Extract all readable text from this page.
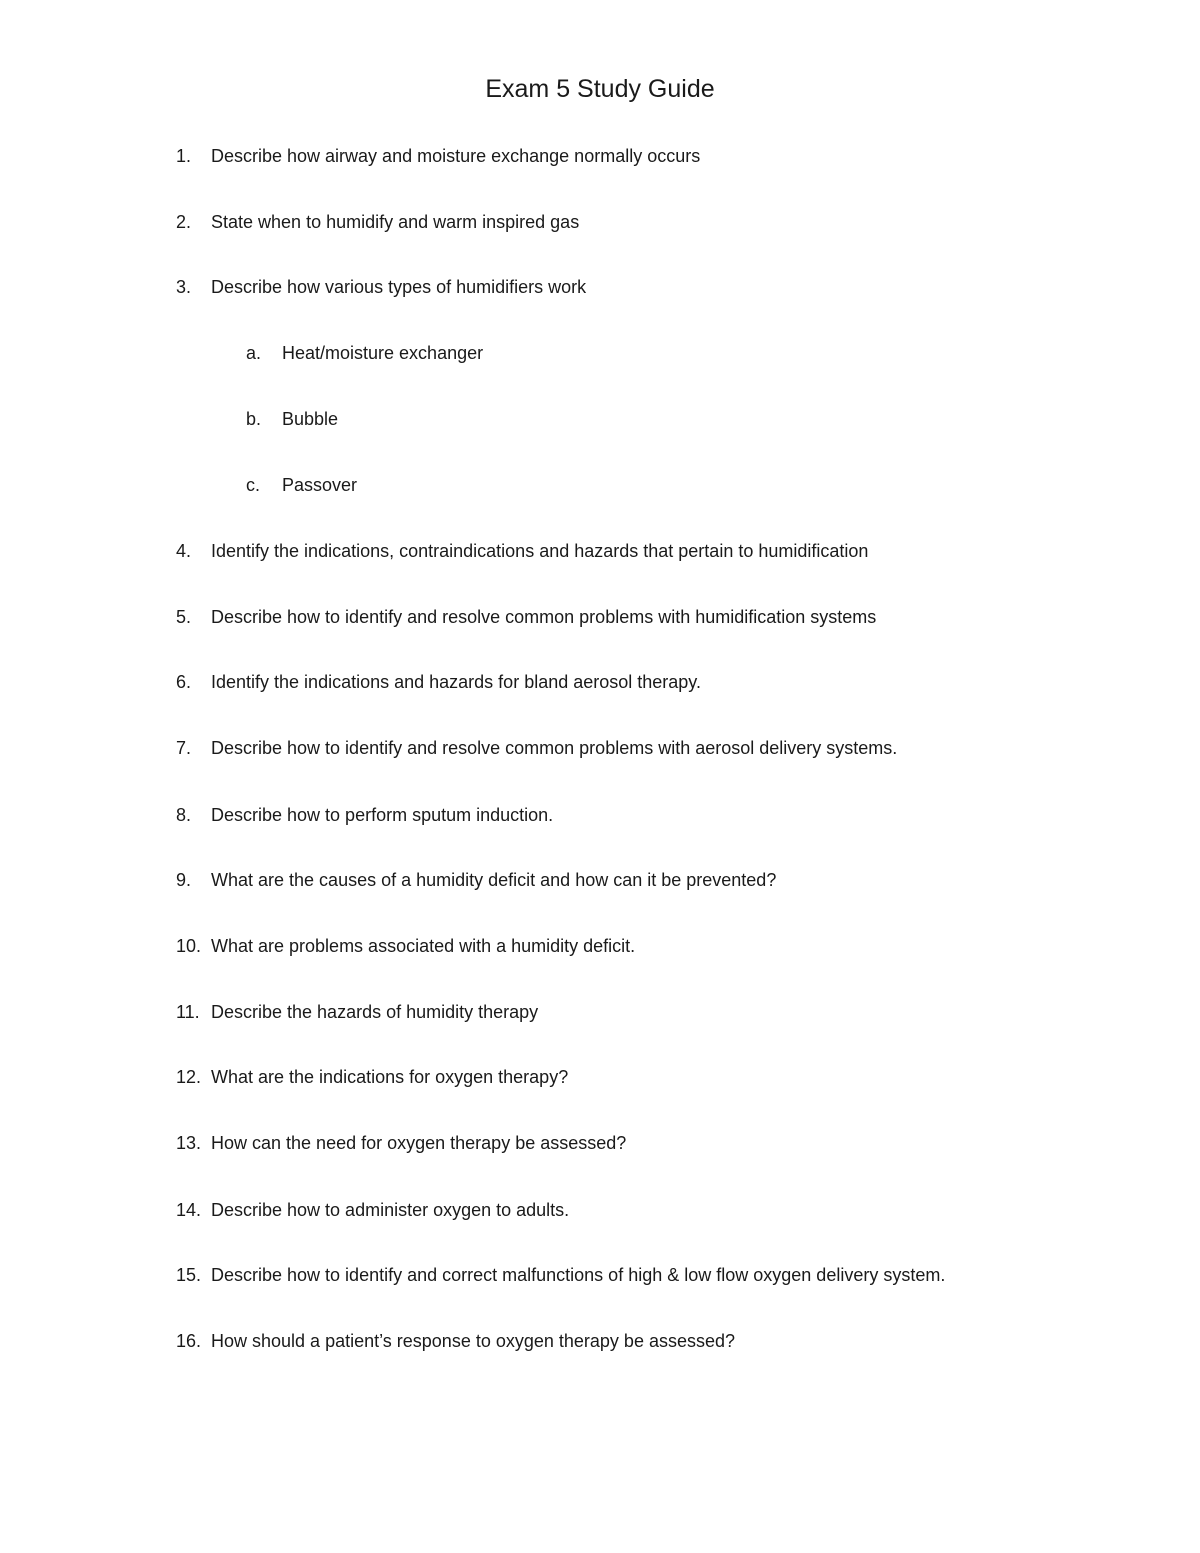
Exam 5 Study Guide
1. Describe how airway and moisture exchange normally occurs
2. State when to humidify and warm inspired gas
3. Describe how various types of humidifiers work
a. Heat/moisture exchanger
b. Bubble
c. Passover
4. Identify the indications, contraindications and hazards that pertain to humidification
5. Describe how to identify and resolve common problems with humidification systems
6. Identify the indications and hazards for bland aerosol therapy.
7. Describe how to identify and resolve common problems with aerosol delivery systems.
8. Describe how to perform sputum induction.
9. What are the causes of a humidity deficit and how can it be prevented?
10. What are problems associated with a humidity deficit.
11. Describe the hazards of humidity therapy
12. What are the indications for oxygen therapy?
13. How can the need for oxygen therapy be assessed?
14. Describe how to administer oxygen to adults.
15. Describe how to identify and correct malfunctions of high & low flow oxygen delivery system.
16. How should a patient’s response to oxygen therapy be assessed?
